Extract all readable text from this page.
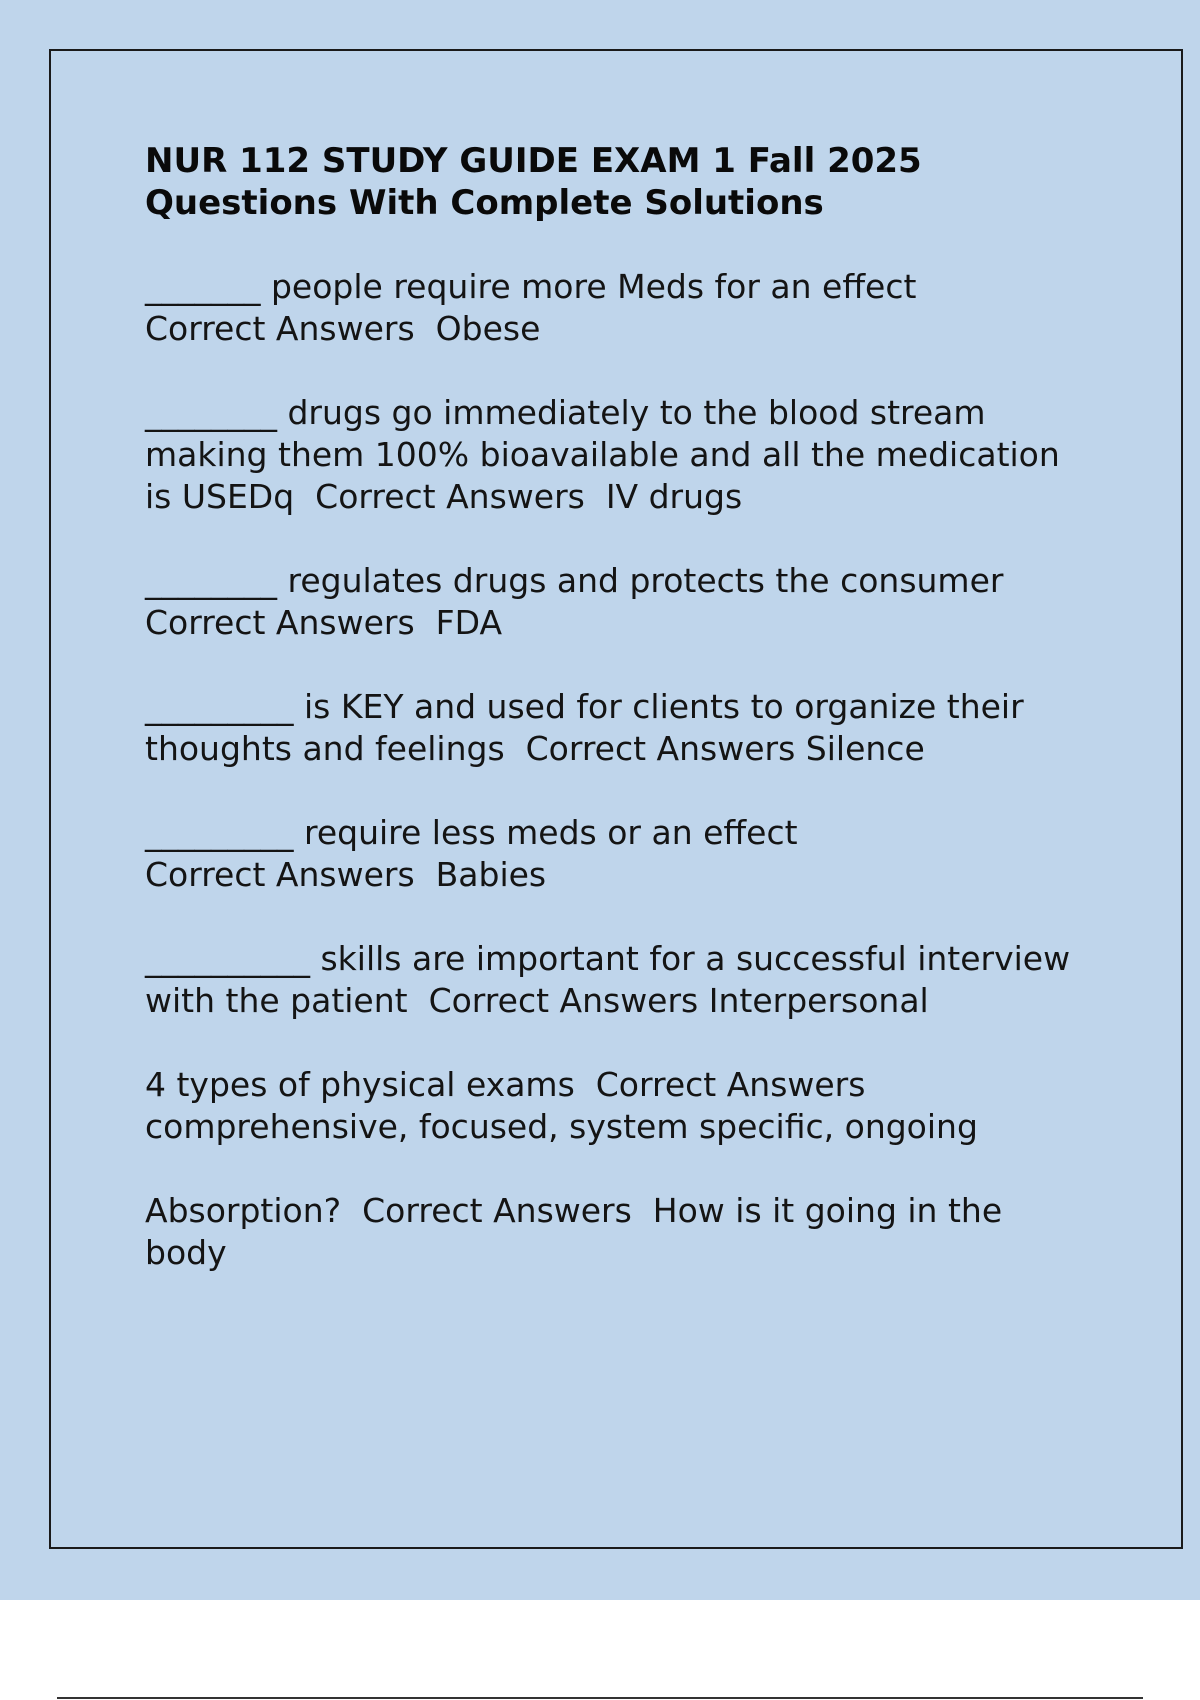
NUR 112 STUDY GUIDE EXAM 1 Fall 2025
Questions With Complete Solutions
_______ people require more Meds for an effect Correct Answers Obese
________ drugs go immediately to the blood stream making them 100% bioavailable and all the medication is USEDq Correct Answers IV drugs
________ regulates drugs and protects the consumer  Correct Answers FDA
_________ is KEY and used for clients to organize their thoughts and feelings Correct Answers Silence
_________ require less meds or an effect  Correct Answers Babies
__________ skills are important for a successful interview with the patient Correct Answers Interpersonal
4 types of physical exams Correct Answers comprehensive, focused, system specific, ongoing
Absorption? Correct Answers How is it going in the body
